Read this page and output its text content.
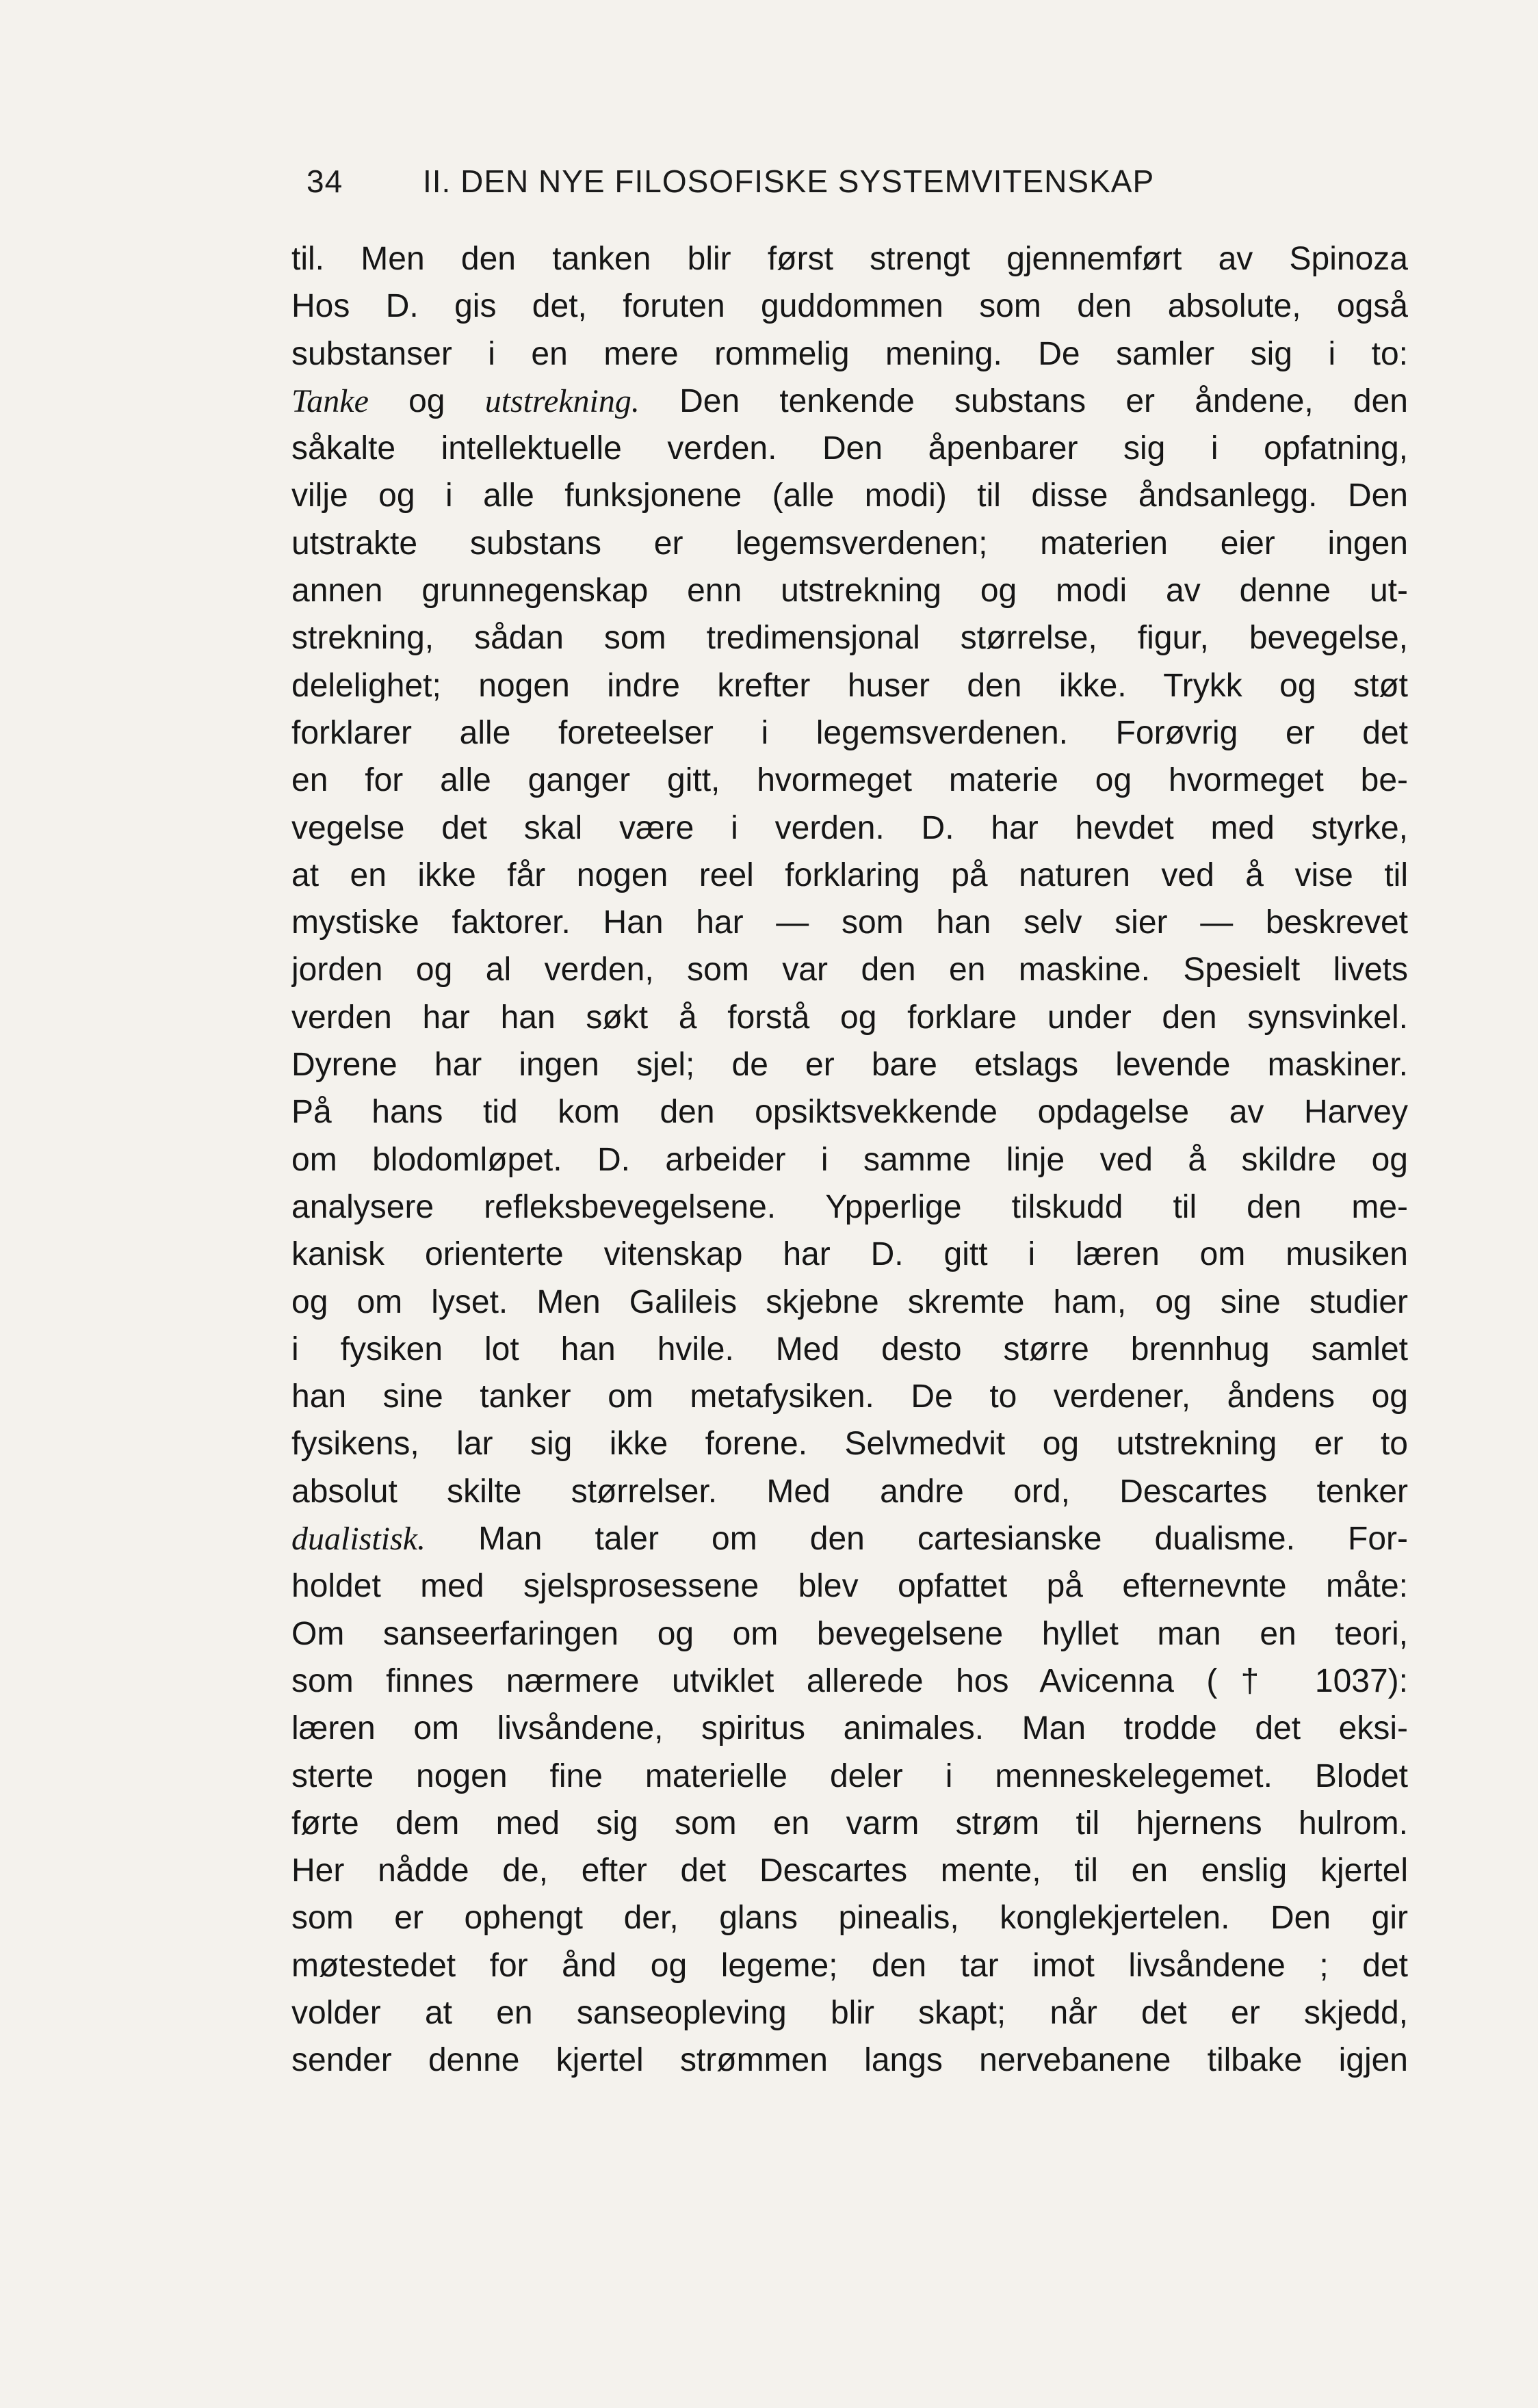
34	II. DEN NYE FILOSOFISKE SYSTEMVITENSKAP
til. Men den tanken blir først strengt gjennemført av Spinoza
Hos D. gis det, foruten guddommen som den absolute, også
substanser i en mere rommelig mening. De samler sig i to:
Tanke og utstrekning. Den tenkende substans er åndene, den
såkalte intellektuelle verden. Den åpenbarer sig i opfatning,
vilje og i alle funksjonene (alle modi) til disse åndsanlegg. Den
utstrakte substans er legemsverdenen; materien eier ingen
annen grunnegenskap enn utstrekning og modi av denne ut-
strekning, sådan som tredimensjonal størrelse, figur, bevegelse,
delelighet; nogen indre krefter huser den ikke. Trykk og støt
forklarer alle foreteelser i legemsverdenen. Forøvrig er det
en for alle ganger gitt, hvormeget materie og hvormeget be-
vegelse det skal være i verden. D. har hevdet med styrke,
at en ikke får nogen reel forklaring på naturen ved å vise til
mystiske faktorer. Han har — som han selv sier — beskrevet
jorden og al verden, som var den en maskine. Spesielt livets
verden har han søkt å forstå og forklare under den synsvinkel.
Dyrene har ingen sjel; de er bare etslags levende maskiner.
På hans tid kom den opsiktsvekkende opdagelse av Harvey
om blodomløpet. D. arbeider i samme linje ved å skildre og
analysere refleksbevegelsene. Ypperlige tilskudd til den me-
kanisk orienterte vitenskap har D. gitt i læren om musiken
og om lyset. Men Galileis skjebne skremte ham, og sine studier
i fysiken lot han hvile. Med desto større brennhug samlet
han sine tanker om metafysiken. De to verdener, åndens og
fysikens, lar sig ikke forene. Selvmedvit og utstrekning er to
absolut skilte størrelser. Med andre ord, Descartes tenker
dualistisk. Man taler om den cartesianske dualisme. For-
holdet med sjelsprosessene blev opfattet på efternevnte måte:
Om sanseerfaringen og om bevegelsene hyllet man en teori,
som finnes nærmere utviklet allerede hos Avicenna († 1037):
læren om livsåndene, spiritus animales. Man trodde det eksi-
sterte nogen fine materielle deler i menneskelegemet. Blodet
førte dem med sig som en varm strøm til hjernens hulrom.
Her nådde de, efter det Descartes mente, til en enslig kjertel
som er ophengt der, glans pinealis, konglekjertelen. Den gir
møtestedet for ånd og legeme; den tar imot livsåndene ; det
volder at en sanseopleving blir skapt; når det er skjedd,
sender denne kjertel strømmen langs nervebanene tilbake igjen
